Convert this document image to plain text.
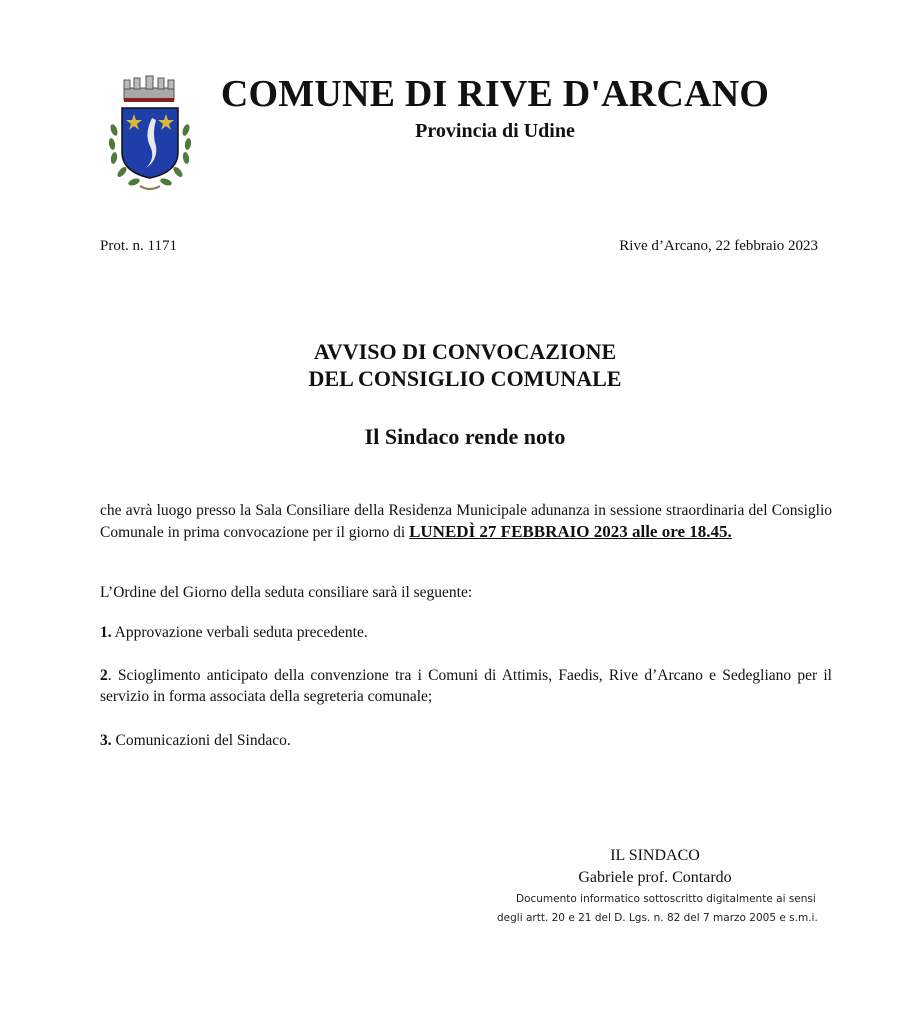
COMUNE DI RIVE D'ARCANO
Provincia di Udine
Prot. n. 1171	Rive d’Arcano, 22 febbraio 2023
AVVISO DI CONVOCAZIONE
DEL CONSIGLIO COMUNALE
Il Sindaco rende noto
che avrà luogo presso la Sala Consiliare della Residenza Municipale adunanza in sessione straordinaria del Consiglio Comunale in prima convocazione per il giorno di LUNEDÌ 27 FEBBRAIO 2023 alle ore 18.45.
L’Ordine del Giorno della seduta consiliare sarà il seguente:
1. Approvazione verbali seduta precedente.
2. Scioglimento anticipato della convenzione tra i Comuni di Attimis, Faedis, Rive d’Arcano e Sedegliano per il servizio in forma associata della segreteria comunale;
3. Comunicazioni del Sindaco.
IL SINDACO
Gabriele prof. Contardo
Documento informatico sottoscritto digitalmente ai sensi
degli artt. 20 e 21 del D. Lgs. n. 82 del 7 marzo 2005 e s.m.i.
